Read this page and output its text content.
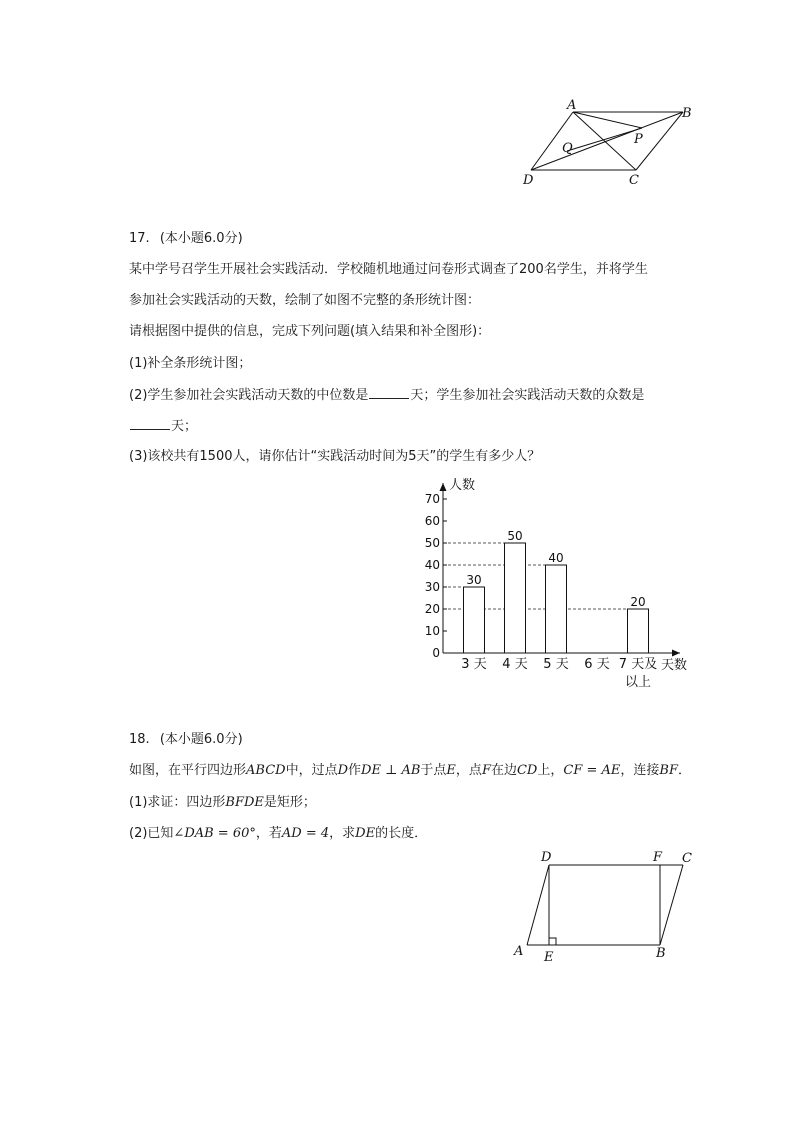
A
B
P
Q
D	C
17. (本小题6.0分)
某中学号召学生开展社会实践活动．学校随机地通过问卷形式调查了200名学生，并将学生
参加社会实践活动的天数，绘制了如图不完整的条形统计图：
请根据图中提供的信息，完成下列问题(填入结果和补全图形)：
(1)补全条形统计图；
(2)学生参加社会实践活动天数的中位数是	天；学生参加社会实践活动天数的众数是
天；
(3)该校共有1500人，请你估计“实践活动时间为5天”的学生有多少人？
0
10
20
30
40
50
60
70
人数
天数
30
3 天
50
4 天
40
5 天 6 天
20
7 天及
以上
18. (本小题6.0分)
如图，在平行四边形ABCD中，过点D作DE ⊥ AB于点E，点F在边CD上，CF = AE，连接BF．
(1)求证：四边形BFDE是矩形；
(2)已知∠DAB = 60°，若AD = 4，求DE的长度．
D	F C
A E	B
